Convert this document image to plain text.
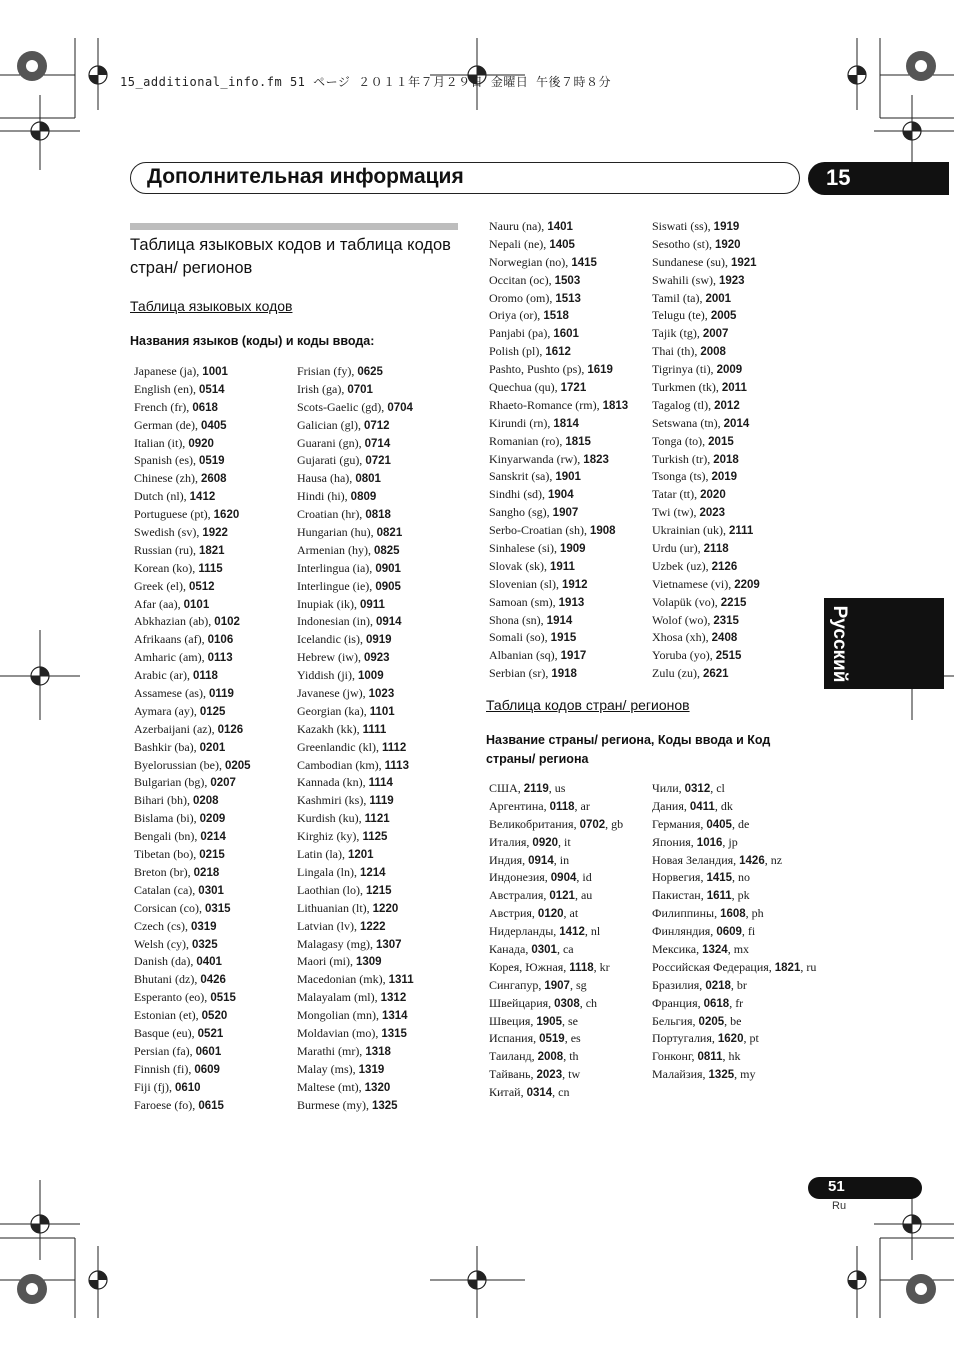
15_additional_info.fm 51 ページ ２０１１年７月２９日 金曜日 午後７時８分
Дополнительная информация	15
Таблица языковых кодов и таблица кодов стран/ регионов
Таблица языковых кодов
Названия языков (коды) и коды ввода:
Japanese (ja), 1001
English (en), 0514
French (fr), 0618
German (de), 0405
Italian (it), 0920
Spanish (es), 0519
Chinese (zh), 2608
Dutch (nl), 1412
Portuguese (pt), 1620
Swedish (sv), 1922
Russian (ru), 1821
Korean (ko), 1115
Greek (el), 0512
Afar (aa), 0101
Abkhazian (ab), 0102
Afrikaans (af), 0106
Amharic (am), 0113
Arabic (ar), 0118
Assamese (as), 0119
Aymara (ay), 0125
Azerbaijani (az), 0126
Bashkir (ba), 0201
Byelorussian (be), 0205
Bulgarian (bg), 0207
Bihari (bh), 0208
Bislama (bi), 0209
Bengali (bn), 0214
Tibetan (bo), 0215
Breton (br), 0218
Catalan (ca), 0301
Corsican (co), 0315
Czech (cs), 0319
Welsh (cy), 0325
Danish (da), 0401
Bhutani (dz), 0426
Esperanto (eo), 0515
Estonian (et), 0520
Basque (eu), 0521
Persian (fa), 0601
Finnish (fi), 0609
Fiji (fj), 0610
Faroese (fo), 0615
Frisian (fy), 0625
Irish (ga), 0701
Scots-Gaelic (gd), 0704
Galician (gl), 0712
Guarani (gn), 0714
Gujarati (gu), 0721
Hausa (ha), 0801
Hindi (hi), 0809
Croatian (hr), 0818
Hungarian (hu), 0821
Armenian (hy), 0825
Interlingua (ia), 0901
Interlingue (ie), 0905
Inupiak (ik), 0911
Indonesian (in), 0914
Icelandic (is), 0919
Hebrew (iw), 0923
Yiddish (ji), 1009
Javanese (jw), 1023
Georgian (ka), 1101
Kazakh (kk), 1111
Greenlandic (kl), 1112
Cambodian (km), 1113
Kannada (kn), 1114
Kashmiri (ks), 1119
Kurdish (ku), 1121
Kirghiz (ky), 1125
Latin (la), 1201
Lingala (ln), 1214
Laothian (lo), 1215
Lithuanian (lt), 1220
Latvian (lv), 1222
Malagasy (mg), 1307
Maori (mi), 1309
Macedonian (mk), 1311
Malayalam (ml), 1312
Mongolian (mn), 1314
Moldavian (mo), 1315
Marathi (mr), 1318
Malay (ms), 1319
Maltese (mt), 1320
Burmese (my), 1325
Nauru (na), 1401
Nepali (ne), 1405
Norwegian (no), 1415
Occitan (oc), 1503
Oromo (om), 1513
Oriya (or), 1518
Panjabi (pa), 1601
Polish (pl), 1612
Pashto, Pushto (ps), 1619
Quechua (qu), 1721
Rhaeto-Romance (rm), 1813
Kirundi (rn), 1814
Romanian (ro), 1815
Kinyarwanda (rw), 1823
Sanskrit (sa), 1901
Sindhi (sd), 1904
Sangho (sg), 1907
Serbo-Croatian (sh), 1908
Sinhalese (si), 1909
Slovak (sk), 1911
Slovenian (sl), 1912
Samoan (sm), 1913
Shona (sn), 1914
Somali (so), 1915
Albanian (sq), 1917
Serbian (sr), 1918
Siswati (ss), 1919
Sesotho (st), 1920
Sundanese (su), 1921
Swahili (sw), 1923
Tamil (ta), 2001
Telugu (te), 2005
Tajik (tg), 2007
Thai (th), 2008
Tigrinya (ti), 2009
Turkmen (tk), 2011
Tagalog (tl), 2012
Setswana (tn), 2014
Tonga (to), 2015
Turkish (tr), 2018
Tsonga (ts), 2019
Tatar (tt), 2020
Twi (tw), 2023
Ukrainian (uk), 2111
Urdu (ur), 2118
Uzbek (uz), 2126
Vietnamese (vi), 2209
Volapük (vo), 2215
Wolof (wo), 2315
Xhosa (xh), 2408
Yoruba (yo), 2515
Zulu (zu), 2621
Таблица кодов стран/ регионов
Название страны/ региона, Коды ввода и Код страны/ региона
США, 2119, us
Аргентина, 0118, ar
Великобритания, 0702, gb
Италия, 0920, it
Индия, 0914, in
Индонезия, 0904, id
Австралия, 0121, au
Австрия, 0120, at
Нидерланды, 1412, nl
Канада, 0301, ca
Корея, Южная, 1118, kr
Сингапур, 1907, sg
Швейцария, 0308, ch
Швеция, 1905, se
Испания, 0519, es
Таиланд, 2008, th
Тайвань, 2023, tw
Китай, 0314, cn
Чили, 0312, cl
Дания, 0411, dk
Германия, 0405, de
Япония, 1016, jp
Новая Зеландия, 1426, nz
Норвегия, 1415, no
Пакистан, 1611, pk
Филиппины, 1608, ph
Финляндия, 0609, fi
Мексика, 1324, mx
Российская Федерация, 1821, ru
Бразилия, 0218, br
Франция, 0618, fr
Бельгия, 0205, be
Португалия, 1620, pt
Гонконг, 0811, hk
Малайзия, 1325, my
Русский
51
Ru
